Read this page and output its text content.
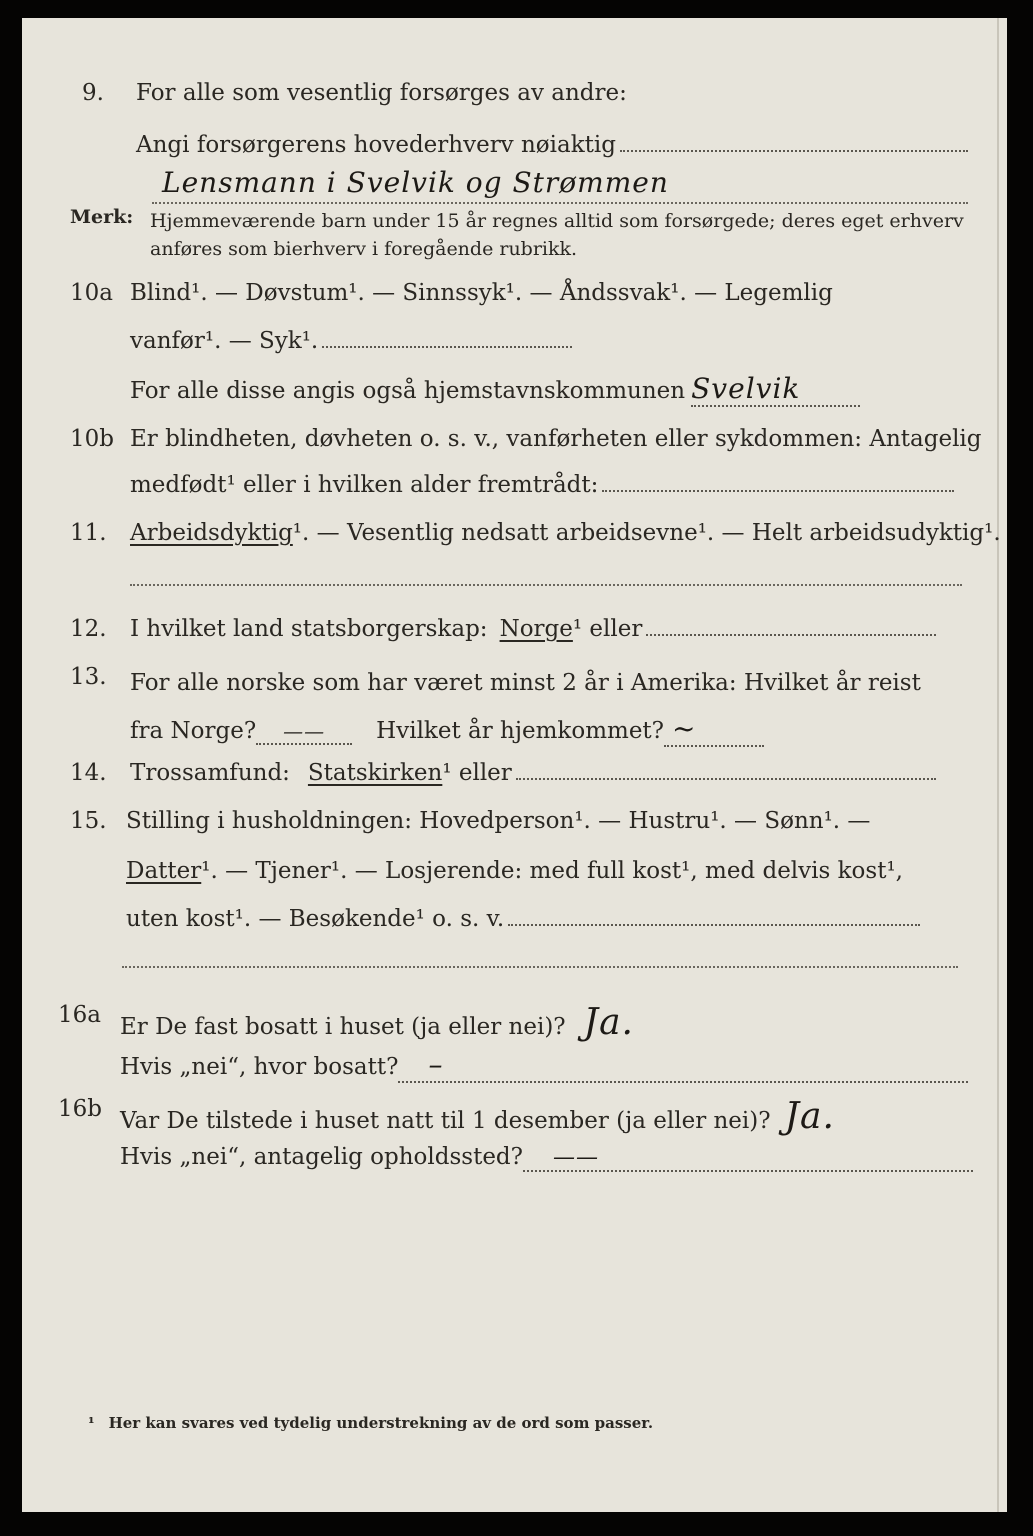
9. For alle som vesentlig forsørges av andre:
Angi forsørgerens hovederhverv nøiaktig
Lensmann i Svelvik og Strømmen
Merk: Hjemmeværende barn under 15 år regnes alltid som forsørgede; deres eget erhverv
anføres som bierhverv i foregående rubrikk.
10a Blind¹. — Døvstum¹. — Sinnssyk¹. — Åndssvak¹. — Legemlig
vanfør¹. — Syk¹.
For alle disse angis også hjemstavnskommunen Svelvik
10b Er blindheten, døvheten o. s. v., vanførheten eller sykdommen: Antagelig
medfødt¹ eller i hvilken alder fremtrådt:
11. Arbeidsdyktig ¹. — Vesentlig nedsatt arbeidsevne¹. — Helt arbeidsudyktig¹.
12. I hvilket land statsborgerskap: Norge ¹ eller
13. For alle norske som har været minst 2 år i Amerika: Hvilket år reist
fra Norge?	——	Hvilket år hjemkommet? ~
14. Trossamfund: Statskirken ¹ eller
15. Stilling i husholdningen: Hovedperson¹. — Hustru¹. — Sønn¹. —
Datter ¹. — Tjener¹. — Losjerende: med full kost¹, med delvis kost¹,
uten kost¹. — Besøkende¹ o. s. v.
16a Er De fast bosatt i huset (ja eller nei)? Ja.
Hvis „nei“, hvor bosatt?	–
16b Var De tilstede i huset natt til 1 desember (ja eller nei)? Ja.
Hvis „nei“, antagelig opholdssted?	——
¹ Her kan svares ved tydelig understrekning av de ord som passer.
